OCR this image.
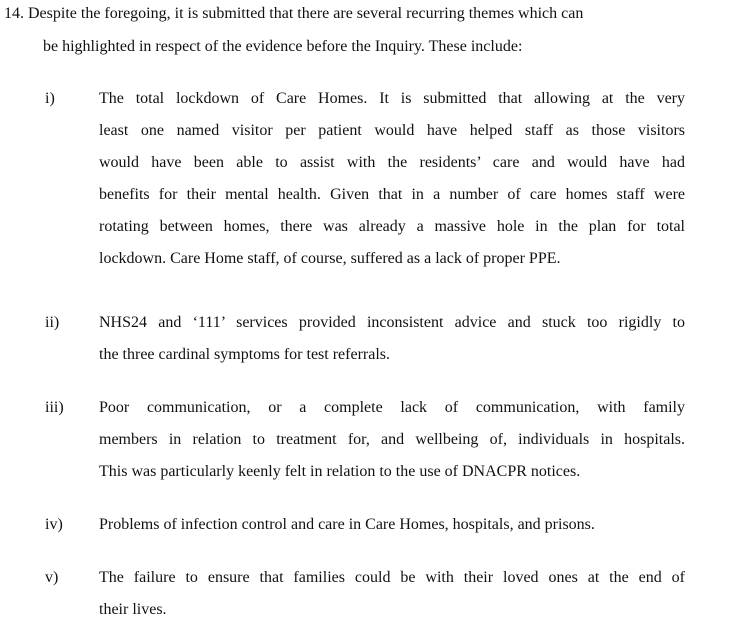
14. Despite the foregoing, it is submitted that there are several recurring themes which can
be highlighted in respect of the evidence before the Inquiry. These include:
i)	The total lockdown of Care Homes. It is submitted that allowing at the very
least one named visitor per patient would have helped staff as those visitors
would have been able to assist with the residents’ care and would have had
benefits for their mental health. Given that in a number of care homes staff were
rotating between homes, there was already a massive hole in the plan for total
lockdown. Care Home staff, of course, suffered as a lack of proper PPE.
ii) NHS24 and ‘111’ services provided inconsistent advice and stuck too rigidly to
the three cardinal symptoms for test referrals.
iii) Poor communication, or a complete lack of communication, with family
members in relation to treatment for, and wellbeing of, individuals in hospitals.
This was particularly keenly felt in relation to the use of DNACPR notices.
iv) Problems of infection control and care in Care Homes, hospitals, and prisons.
v)	The failure to ensure that families could be with their loved ones at the end of
their lives.
